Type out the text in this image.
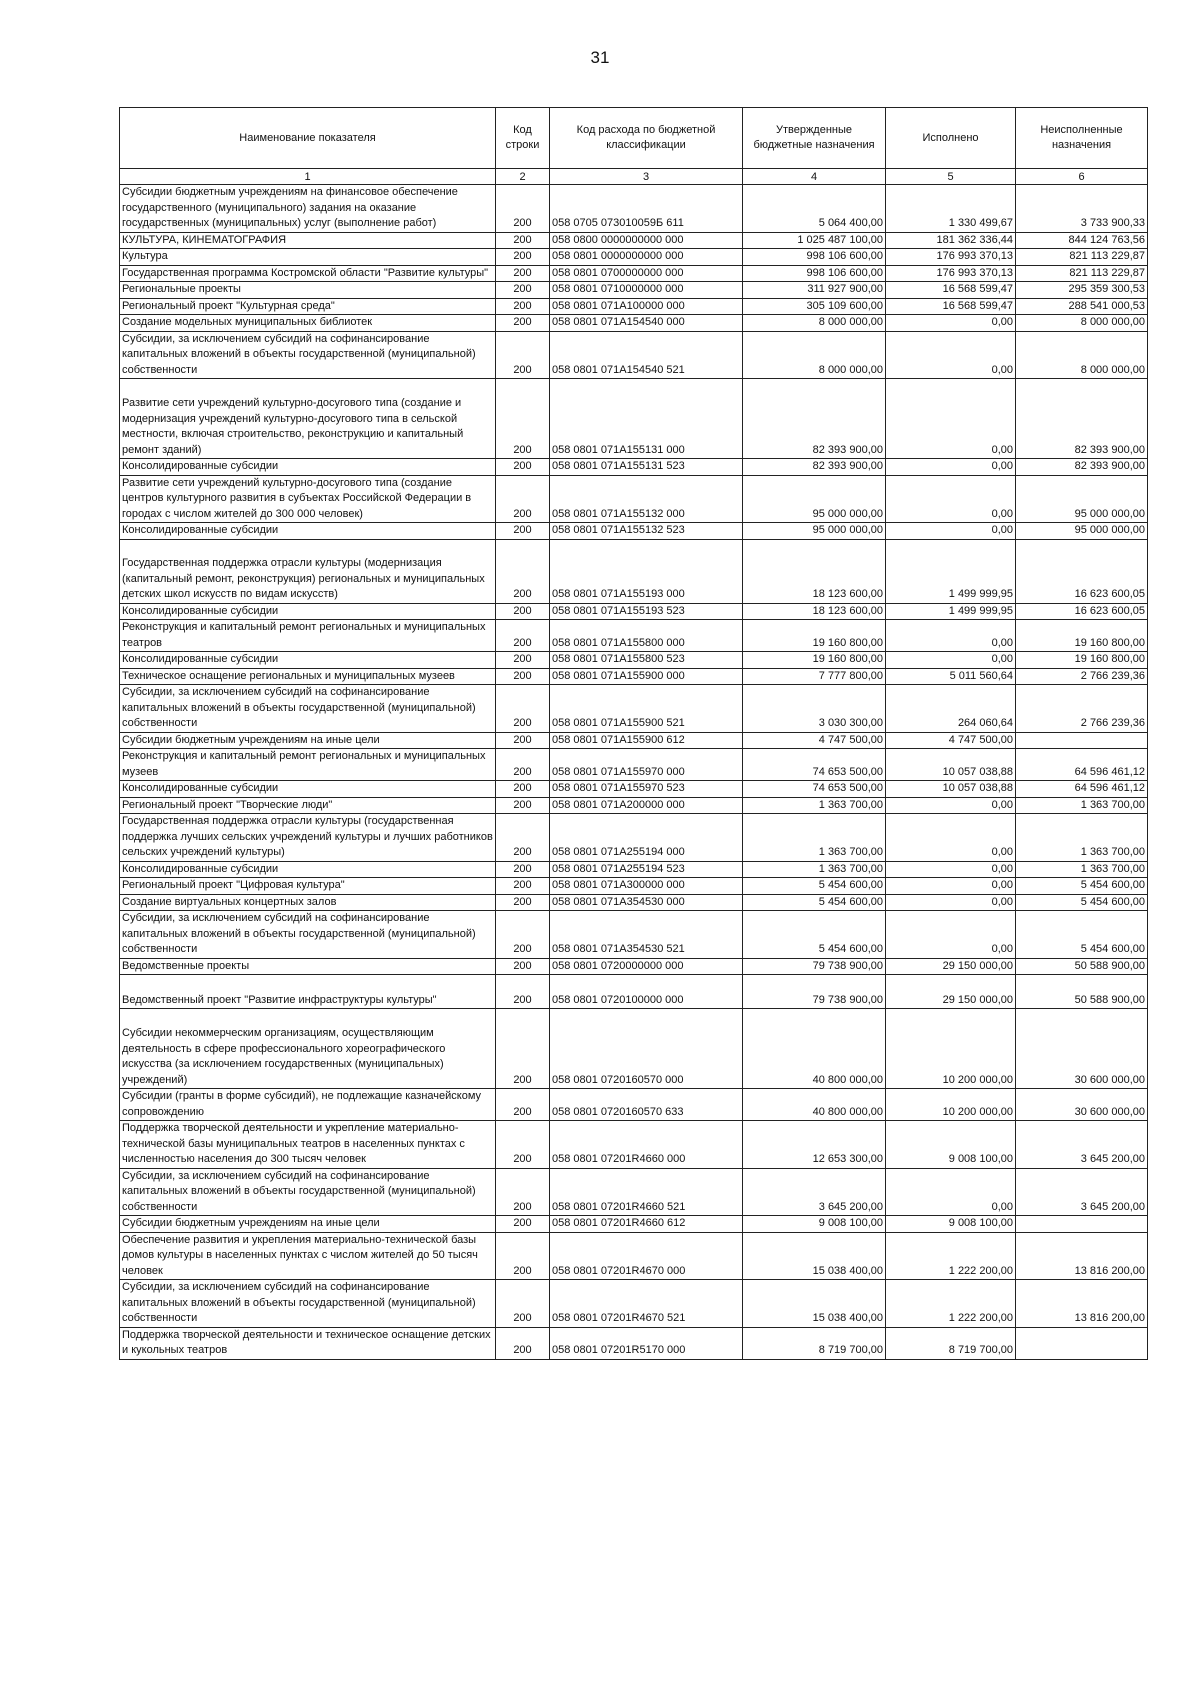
31
Наименование показателя	Код строки	Код расхода по бюджетной классификации	Утвержденные бюджетные назначения	Исполнено	Неисполненные назначения
1	2	3	4	5	6
Субсидии бюджетным учреждениям на финансовое обеспечение государственного (муниципального) задания на оказание государственных (муниципальных) услуг (выполнение работ)	200	058 0705 073010059Б 611	5 064 400,00	1 330 499,67	3 733 900,33
КУЛЬТУРА, КИНЕМАТОГРАФИЯ	200	058 0800 0000000000 000	1 025 487 100,00	181 362 336,44	844 124 763,56
Культура	200	058 0801 0000000000 000	998 106 600,00	176 993 370,13	821 113 229,87
Государственная программа Костромской области "Развитие культуры"	200	058 0801 0700000000 000	998 106 600,00	176 993 370,13	821 113 229,87
Региональные проекты	200	058 0801 0710000000 000	311 927 900,00	16 568 599,47	295 359 300,53
Региональный проект "Культурная среда"	200	058 0801 071А100000 000	305 109 600,00	16 568 599,47	288 541 000,53
Создание модельных муниципальных библиотек	200	058 0801 071А154540 000	8 000 000,00	0,00	8 000 000,00
Субсидии, за исключением субсидий на софинансирование капитальных вложений в объекты государственной (муниципальной) собственности	200	058 0801 071А154540 521	8 000 000,00	0,00	8 000 000,00
Развитие сети учреждений культурно-досугового типа (создание и модернизация учреждений культурно-досугового типа в сельской местности, включая строительство, реконструкцию и капитальный ремонт зданий)	200	058 0801 071А155131 000	82 393 900,00	0,00	82 393 900,00
Консолидированные субсидии	200	058 0801 071А155131 523	82 393 900,00	0,00	82 393 900,00
Развитие сети учреждений культурно-досугового типа (создание центров культурного развития в субъектах Российской Федерации в городах с числом жителей до 300 000 человек)	200	058 0801 071А155132 000	95 000 000,00	0,00	95 000 000,00
Консолидированные субсидии	200	058 0801 071А155132 523	95 000 000,00	0,00	95 000 000,00
Государственная поддержка отрасли культуры (модернизация (капитальный ремонт, реконструкция) региональных и муниципальных детских школ искусств по видам искусств)	200	058 0801 071А155193 000	18 123 600,00	1 499 999,95	16 623 600,05
Консолидированные субсидии	200	058 0801 071А155193 523	18 123 600,00	1 499 999,95	16 623 600,05
Реконструкция и капитальный ремонт региональных и муниципальных театров	200	058 0801 071А155800 000	19 160 800,00	0,00	19 160 800,00
Консолидированные субсидии	200	058 0801 071А155800 523	19 160 800,00	0,00	19 160 800,00
Техническое оснащение региональных и муниципальных музеев	200	058 0801 071А155900 000	7 777 800,00	5 011 560,64	2 766 239,36
Субсидии, за исключением субсидий на софинансирование капитальных вложений в объекты государственной (муниципальной) собственности	200	058 0801 071А155900 521	3 030 300,00	264 060,64	2 766 239,36
Субсидии бюджетным учреждениям на иные цели	200	058 0801 071А155900 612	4 747 500,00	4 747 500,00	
Реконструкция и капитальный ремонт региональных и муниципальных музеев	200	058 0801 071А155970 000	74 653 500,00	10 057 038,88	64 596 461,12
Консолидированные субсидии	200	058 0801 071А155970 523	74 653 500,00	10 057 038,88	64 596 461,12
Региональный проект "Творческие люди"	200	058 0801 071А200000 000	1 363 700,00	0,00	1 363 700,00
Государственная поддержка отрасли культуры (государственная поддержка лучших сельских учреждений культуры и лучших работников сельских учреждений культуры)	200	058 0801 071А255194 000	1 363 700,00	0,00	1 363 700,00
Консолидированные субсидии	200	058 0801 071А255194 523	1 363 700,00	0,00	1 363 700,00
Региональный проект "Цифровая культура"	200	058 0801 071А300000 000	5 454 600,00	0,00	5 454 600,00
Создание виртуальных концертных залов	200	058 0801 071А354530 000	5 454 600,00	0,00	5 454 600,00
Субсидии, за исключением субсидий на софинансирование капитальных вложений в объекты государственной (муниципальной) собственности	200	058 0801 071А354530 521	5 454 600,00	0,00	5 454 600,00
Ведомственные проекты	200	058 0801 0720000000 000	79 738 900,00	29 150 000,00	50 588 900,00
Ведомственный проект "Развитие инфраструктуры культуры"	200	058 0801 0720100000 000	79 738 900,00	29 150 000,00	50 588 900,00
Субсидии некоммерческим организациям, осуществляющим деятельность в сфере профессионального хореографического искусства (за исключением государственных (муниципальных) учреждений)	200	058 0801 0720160570 000	40 800 000,00	10 200 000,00	30 600 000,00
Субсидии (гранты в форме субсидий), не подлежащие казначейскому сопровождению	200	058 0801 0720160570 633	40 800 000,00	10 200 000,00	30 600 000,00
Поддержка творческой деятельности и укрепление материально-технической базы муниципальных театров в населенных пунктах с численностью населения до 300 тысяч человек	200	058 0801 07201R4660 000	12 653 300,00	9 008 100,00	3 645 200,00
Субсидии, за исключением субсидий на софинансирование капитальных вложений в объекты государственной (муниципальной) собственности	200	058 0801 07201R4660 521	3 645 200,00	0,00	3 645 200,00
Субсидии бюджетным учреждениям на иные цели	200	058 0801 07201R4660 612	9 008 100,00	9 008 100,00	
Обеспечение развития и укрепления материально-технической базы домов культуры в населенных пунктах с числом жителей до 50 тысяч человек	200	058 0801 07201R4670 000	15 038 400,00	1 222 200,00	13 816 200,00
Субсидии, за исключением субсидий на софинансирование капитальных вложений в объекты государственной (муниципальной) собственности	200	058 0801 07201R4670 521	15 038 400,00	1 222 200,00	13 816 200,00
Поддержка творческой деятельности и техническое оснащение детских и кукольных театров	200	058 0801 07201R5170 000	8 719 700,00	8 719 700,00	
